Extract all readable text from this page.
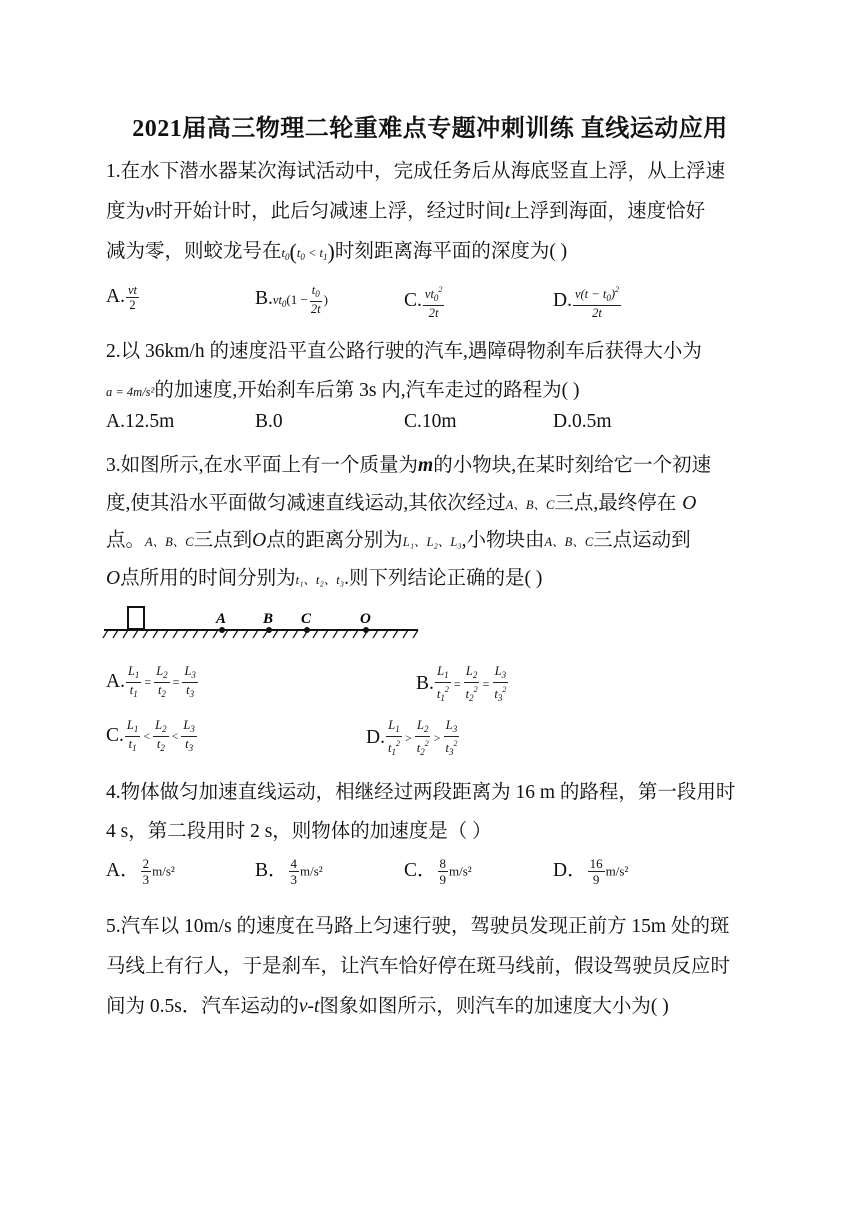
2021届高三物理二轮重难点专题冲刺训练 直线运动应用
1.在水下潜水器某次海试活动中，完成任务后从海底竖直上浮，从上浮速
度为v时开始计时，此后匀减速上浮，经过时间t上浮到海面，速度恰好
减为零，则蛟龙号在$t_0(t_0 < t_1)$时刻距离海平面的深度为( )
A. $\frac{vt}{2}$	$B.vt_0(1 - \frac{t_0}{2t}$ )	C. $\frac{vt_0^2}{2t}$	D. $\frac{v(t - t_0)^2}{2t}$
2.以 36km/h 的速度沿平直公路行驶的汽车,遇障碍物刹车后获得大小为
a = 4m/s²的加速度,开始刹车后第 3s 内,汽车走过的路程为( )
A.12.5m	B.0	C.10m	D.0.5m
3.如图所示,在水平面上有一个质量为m的小物块,在某时刻给它一个初速
度,使其沿水平面做匀减速直线运动,其依次经过A、B、C三点,最终停在 O
点。A、B、C三点到O点的距离分别为L₁、L₂、L₃,小物块由A、B、C三点运动到
O点所用的时间分别为t₁、t₂、t₃.则下列结论正确的是( )
A B C	O
A. $\frac{L_1}{t_1} = \frac{L_2}{t_2} = \frac{L_3}{t_3}$	B. $\frac{L_1}{t_1^2} = \frac{L_2}{t_2^2} = \frac{L_3}{t_3^2}$
C. $\frac{L_1}{t_1} < \frac{L_2}{t_2} < \frac{L_3}{t_3}$	D. $\frac{L_1}{t_1^2} > \frac{L_2}{t_2^2} > \frac{L_3}{t_3^2}$
4.物体做匀加速直线运动，相继经过两段距离为 16 m 的路程，第一段用时
4 s，第二段用时 2 s，则物体的加速度是（ ）
A． $\frac{2}{3} m/s^2$	B． $\frac{4}{3} m/s^2$	C． $\frac{8}{9} m/s^2$	D． $\frac{16}{9} m/s^2$
5.汽车以 10m/s 的速度在马路上匀速行驶，驾驶员发现正前方 15m 处的斑
马线上有行人，于是刹车，让汽车恰好停在斑马线前，假设驾驶员反应时
间为 0.5s．汽车运动的v-t图象如图所示，则汽车的加速度大小为( )
